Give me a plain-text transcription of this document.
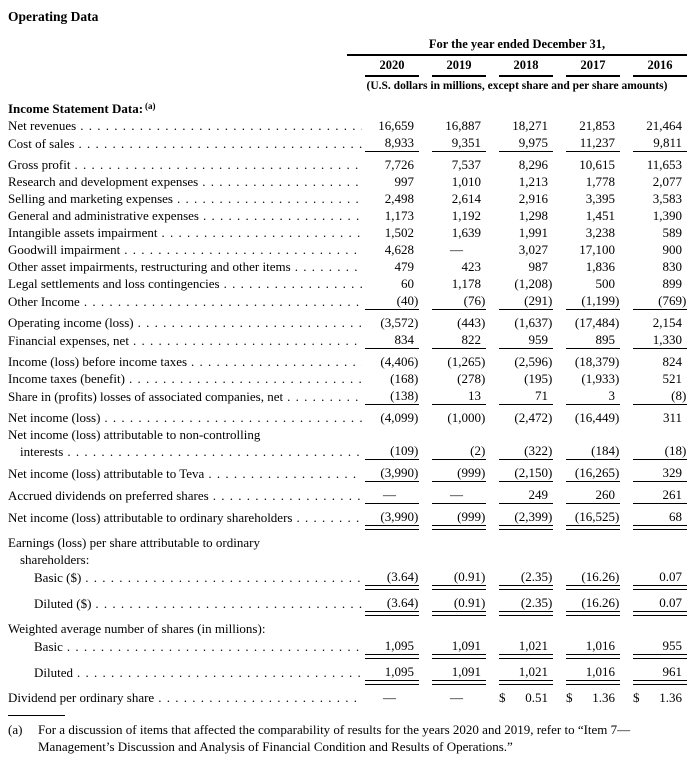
Operating Data
For the year ended December 31,
2020	2019	2018	2017	2016
(U.S. dollars in millions, except share and per share amounts)
Income Statement Data: (a)
Net revenues . . .	16,659 16,887 18,271 21,853 21,464
Cost of sales . . .	8,933	9,351	9,975 11,237	9,811
Gross profit . . .	7,726	7,537	8,296 10,615 11,653
Research and development expenses . . .	997	1,010	1,213	1,778	2,077
Selling and marketing expenses . . .	2,498	2,614	2,916	3,395	3,583
General and administrative expenses . . .	1,173	1,192	1,298	1,451	1,390
Intangible assets impairment . . .	1,502	1,639	1,991	3,238	589
Goodwill impairment . . .	4,628	—	3,027 17,100	900
Other asset impairments, restructuring and other items . . .	479	423	987	1,836	830
Legal settlements and loss contingencies . . .	60	1,178	(1,208 )	500	899
Other Income . . .	(40 )	(76 )	(291 ) (1,199 )	(769 )
Operating income (loss) . . .	(3,572 )	(443 ) (1,637 ) (17,484 )	2,154
Financial expenses, net . . .	834	822	959	895	1,330
Income (loss) before income taxes . . .	(4,406 ) (1,265 ) (2,596 ) (18,379 )	824
Income taxes (benefit) . . .	(168 )	(278 )	(195 ) (1,933 )	521
Share in (profits) losses of associated companies, net . . .	(138 )	13	71	3	(8 )
Net income (loss) . . .	(4,099 ) (1,000 ) (2,472 ) (16,449 )	311
Net income (loss) attributable to non-controlling
interests . . .	(109 )	(2 )	(322 )	(184 )	(18 )
Net income (loss) attributable to Teva . . .	(3,990 )	(999 ) (2,150 ) (16,265 )	329
Accrued dividends on preferred shares . . .	—	—	249	260	261
Net income (loss) attributable to ordinary shareholders . . .	(3,990 )	(999 ) (2,399 ) (16,525 )	68
Earnings (loss) per share attributable to ordinary
shareholders:
Basic ($) . . .	(3.64 )	(0.91 )	(2.35 ) (16.26 )	0.07
Diluted ($) . . .	(3.64 )	(0.91 )	(2.35 ) (16.26 )	0.07
Weighted average number of shares (in millions):
Basic . . .	1,095	1,091	1,021	1,016	955
Diluted . . .	1,095	1,091	1,021	1,016	961
Dividend per ordinary share . . .	—	—	$ 0.51 $ 1.36 $ 1.36
(a)	For a discussion of items that affected the comparability of results for the years 2020 and 2019, refer to “Item 7—Management’s Discussion and Analysis of Financial Condition and Results of Operations.”
